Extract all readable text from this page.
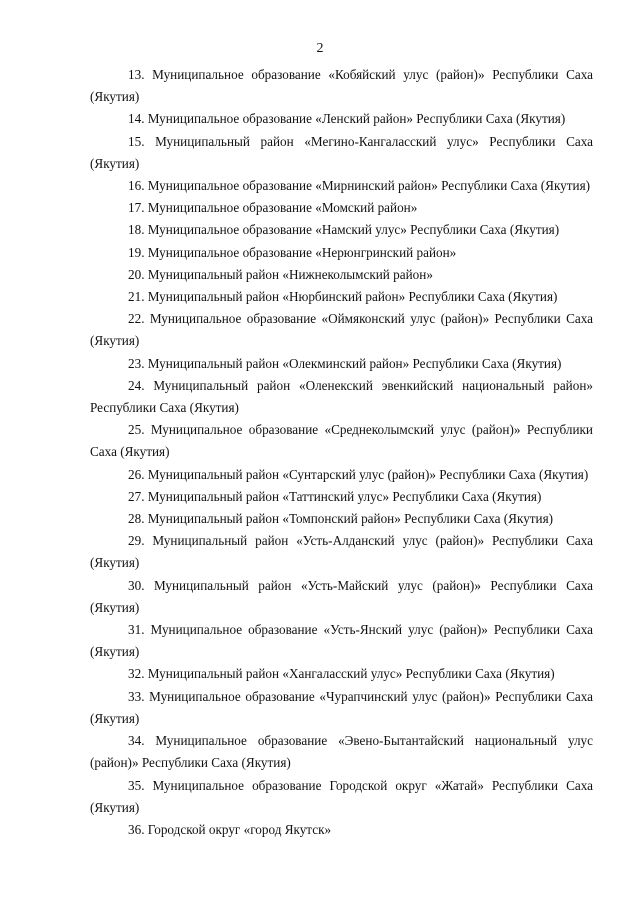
2

13. Муниципальное образование «Кобяйский улус (район)» Республики Саха (Якутия)

14. Муниципальное образование «Ленский район» Республики Саха (Якутия)

15. Муниципальный район «Мегино-Кангаласский улус» Республики Саха (Якутия)

16. Муниципальное образование «Мирнинский район» Республики Саха (Якутия)

17. Муниципальное образование «Момский район»

18. Муниципальное образование «Намский улус» Республики Саха (Якутия)

19. Муниципальное образование «Нерюнгринский район»

20. Муниципальный район «Нижнеколымский район»

21. Муниципальный район «Нюрбинский район» Республики Саха (Якутия)

22. Муниципальное образование «Оймяконский улус (район)» Республики Саха (Якутия)

23. Муниципальный район «Олекминский район» Республики Саха (Якутия)

24. Муниципальный район «Оленекский эвенкийский национальный район» Республики Саха (Якутия)

25. Муниципальное образование «Среднеколымский улус (район)» Республики Саха (Якутия)

26. Муниципальный район «Сунтарский улус (район)» Республики Саха (Якутия)

27. Муниципальный район «Таттинский улус» Республики Саха (Якутия)

28. Муниципальный район «Томпонский район» Республики Саха (Якутия)

29. Муниципальный район «Усть-Алданский улус (район)» Республики Саха (Якутия)

30. Муниципальный район «Усть-Майский улус (район)» Республики Саха (Якутия)

31. Муниципальное образование «Усть-Янский улус (район)» Республики Саха (Якутия)

32. Муниципальный район «Хангаласский улус» Республики Саха (Якутия)

33. Муниципальное образование «Чурапчинский улус (район)» Республики Саха (Якутия)

34. Муниципальное образование «Эвено-Бытантайский национальный улус (район)» Республики Саха (Якутия)

35. Муниципальное образование Городской округ «Жатай» Республики Саха (Якутия)

36. Городской округ «город Якутск»
